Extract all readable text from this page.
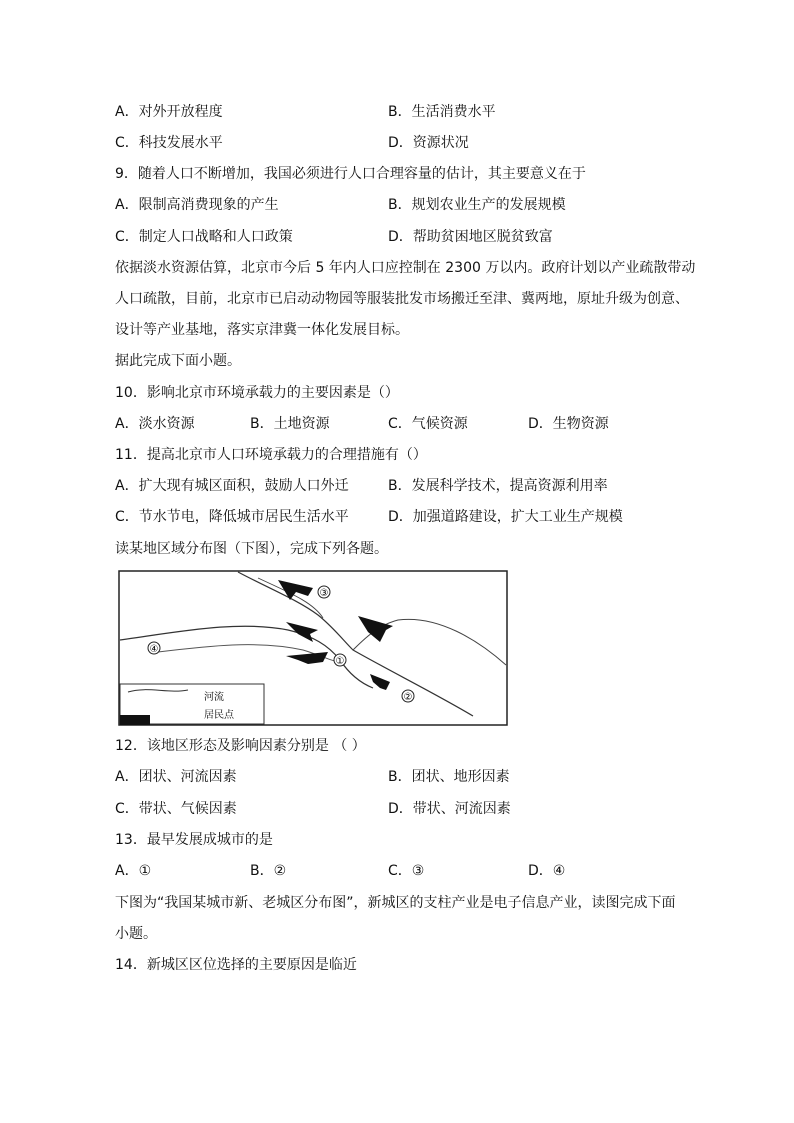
A．对外开放程度	B．生活消费水平
C．科技发展水平	D．资源状况
9．随着人口不断增加，我国必须进行人口合理容量的估计，其主要意义在于
A．限制高消费现象的产生	B．规划农业生产的发展规模
C．制定人口战略和人口政策	D．帮助贫困地区脱贫致富
依据淡水资源估算，北京市今后 5 年内人口应控制在 2300 万以内。政府计划以产业疏散带动
人口疏散，目前，北京市已启动动物园等服装批发市场搬迁至津、冀两地，原址升级为创意、
设计等产业基地，落实京津冀一体化发展目标。
据此完成下面小题。
10．影响北京市环境承载力的主要因素是（）
A．淡水资源	B．土地资源	C．气候资源	D．生物资源
11．提高北京市人口环境承载力的合理措施有（）
A．扩大现有城区面积，鼓励人口外迁	B．发展科学技术，提高资源利用率
C．节水节电，降低城市居民生活水平	D．加强道路建设，扩大工业生产规模
读某地区域分布图（下图），完成下列各题。
③
④
①
②
河流
居民点
12．该地区形态及影响因素分别是 （ ）
A．团状、河流因素	B．团状、地形因素
C．带状、气候因素	D．带状、河流因素
13．最早发展成城市的是
A．①	B．②	C．③	D．④
下图为“我国某城市新、老城区分布图”，新城区的支柱产业是电子信息产业，读图完成下面
小题。
14．新城区区位选择的主要原因是临近
